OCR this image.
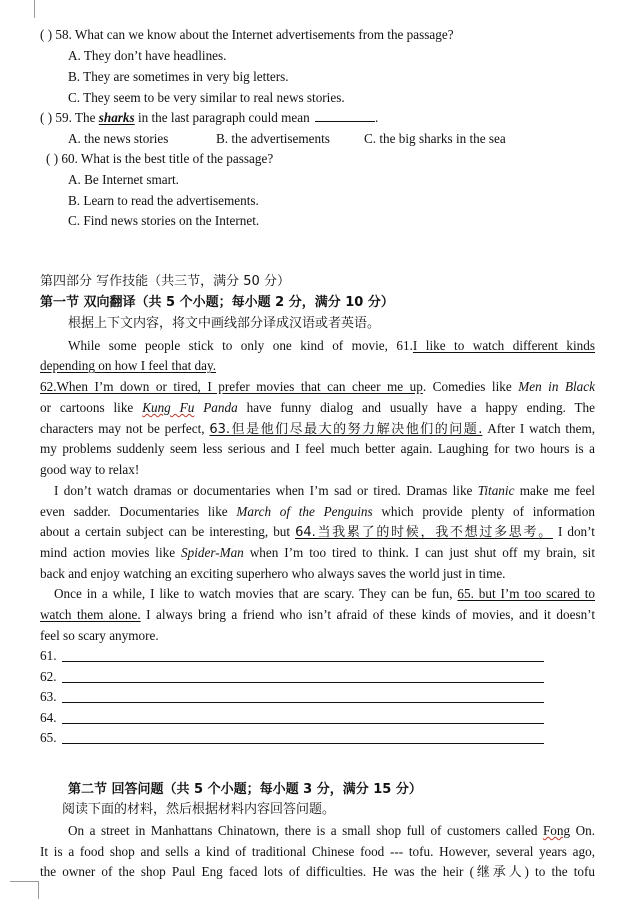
( ) 58. What can we know about the Internet advertisements from the passage?
A. They don’t have headlines.
B. They are sometimes in very big letters.
C. They seem to be very similar to real news stories.
( ) 59. The sharks in the last paragraph could mean	.
A. the news stories	B. the advertisements	C. the big sharks in the sea
( ) 60. What is the best title of the passage?
A. Be Internet smart.
B. Learn to read the advertisements.
C. Find news stories on the Internet.
第四部分 写作技能（共三节，满分 50 分）
第一节 双向翻译（共 5 个小题；每小题 2 分，满分 10 分）
根据上下文内容，将文中画线部分译成汉语或者英语。
While some people stick to only one kind of movie, 61.I like to watch different kinds
depending on how I feel that day.
62.When I’m down or tired, I prefer movies that can cheer me up. Comedies like Men in Black
or cartoons like Kung Fu Panda have funny dialog and usually have a happy ending. The
characters may not be perfect, 63.但是他们尽最大的努力解决他们的问题. After I watch them,
my problems suddenly seem less serious and I feel much better again. Laughing for two hours is a
good way to relax!
I don’t watch dramas or documentaries when I’m sad or tired. Dramas like Titanic make me feel
even sadder. Documentaries like March of the Penguins which provide plenty of information
about a certain subject can be interesting, but 64.当我累了的时候，我不想过多思考。 I don’t
mind action movies like Spider-Man when I’m too tired to think. I can just shut off my brain, sit
back and enjoy watching an exciting superhero who always saves the world just in time.
Once in a while, I like to watch movies that are scary. They can be fun, 65. but I’m too scared to
watch them alone. I always bring a friend who isn’t afraid of these kinds of movies, and it doesn’t
feel so scary anymore.
61.
62.
63.
64.
65.
第二节 回答问题（共 5 个小题；每小题 3 分，满分 15 分）
阅读下面的材料，然后根据材料内容回答问题。
On a street in Manhattans Chinatown, there is a small shop full of customers called Fong On.
It is a food shop and sells a kind of traditional Chinese food --- tofu. However, several years ago,
the owner of the shop Paul Eng faced lots of difficulties. He was the heir (继承人) to the tofu
